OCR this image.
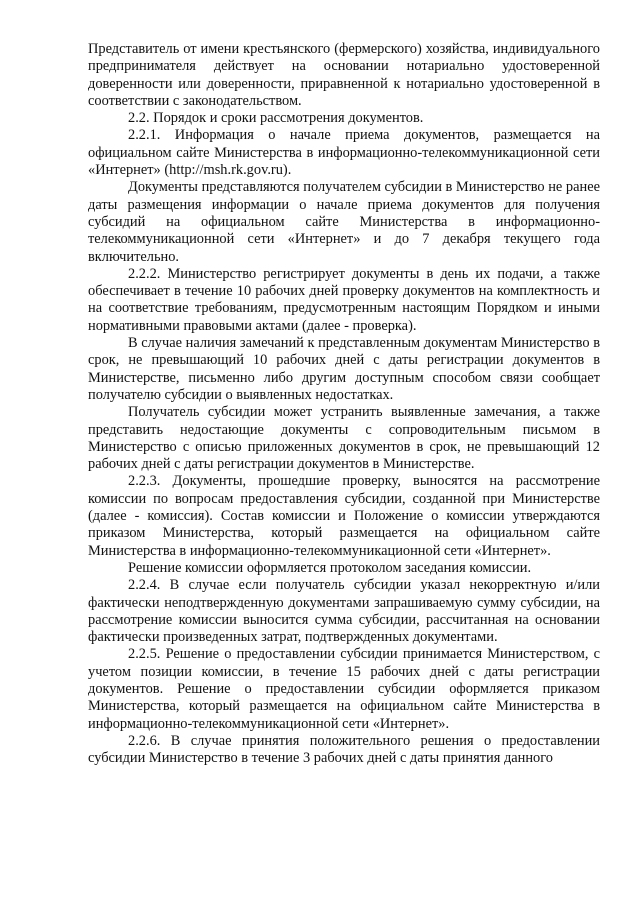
Представитель от имени крестьянского (фермерского) хозяйства, индивидуального предпринимателя действует на основании нотариально удостоверенной доверенности или доверенности, приравненной к нотариально удостоверенной в соответствии с законодательством.

2.2. Порядок и сроки рассмотрения документов.

2.2.1. Информация о начале приема документов, размещается на официальном сайте Министерства в информационно-телекоммуникационной сети «Интернет» (http://msh.rk.gov.ru).

Документы представляются получателем субсидии в Министерство не ранее даты размещения информации о начале приема документов для получения субсидий на официальном сайте Министерства в информационно-телекоммуникационной сети «Интернет» и до 7 декабря текущего года включительно.

2.2.2. Министерство регистрирует документы в день их подачи, а также обеспечивает в течение 10 рабочих дней проверку документов на комплектность и на соответствие требованиям, предусмотренным настоящим Порядком и иными нормативными правовыми актами (далее - проверка).

В случае наличия замечаний к представленным документам Министерство в срок, не превышающий 10 рабочих дней с даты регистрации документов в Министерстве, письменно либо другим доступным способом связи сообщает получателю субсидии о выявленных недостатках.

Получатель субсидии может устранить выявленные замечания, а также представить недостающие документы с сопроводительным письмом в Министерство с описью приложенных документов в срок, не превышающий 12 рабочих дней с даты регистрации документов в Министерстве.

2.2.3. Документы, прошедшие проверку, выносятся на рассмотрение комиссии по вопросам предоставления субсидии, созданной при Министерстве (далее - комиссия). Состав комиссии и Положение о комиссии утверждаются приказом Министерства, который размещается на официальном сайте Министерства в информационно-телекоммуникационной сети «Интернет».

Решение комиссии оформляется протоколом заседания комиссии.

2.2.4. В случае если получатель субсидии указал некорректную и/или фактически неподтвержденную документами запрашиваемую сумму субсидии, на рассмотрение комиссии выносится сумма субсидии, рассчитанная на основании фактически произведенных затрат, подтвержденных документами.

2.2.5. Решение о предоставлении субсидии принимается Министерством, с учетом позиции комиссии, в течение 15 рабочих дней с даты регистрации документов. Решение о предоставлении субсидии оформляется приказом Министерства, который размещается на официальном сайте Министерства в информационно-телекоммуникационной сети «Интернет».

2.2.6. В случае принятия положительного решения о предоставлении субсидии Министерство в течение 3 рабочих дней с даты принятия данного
